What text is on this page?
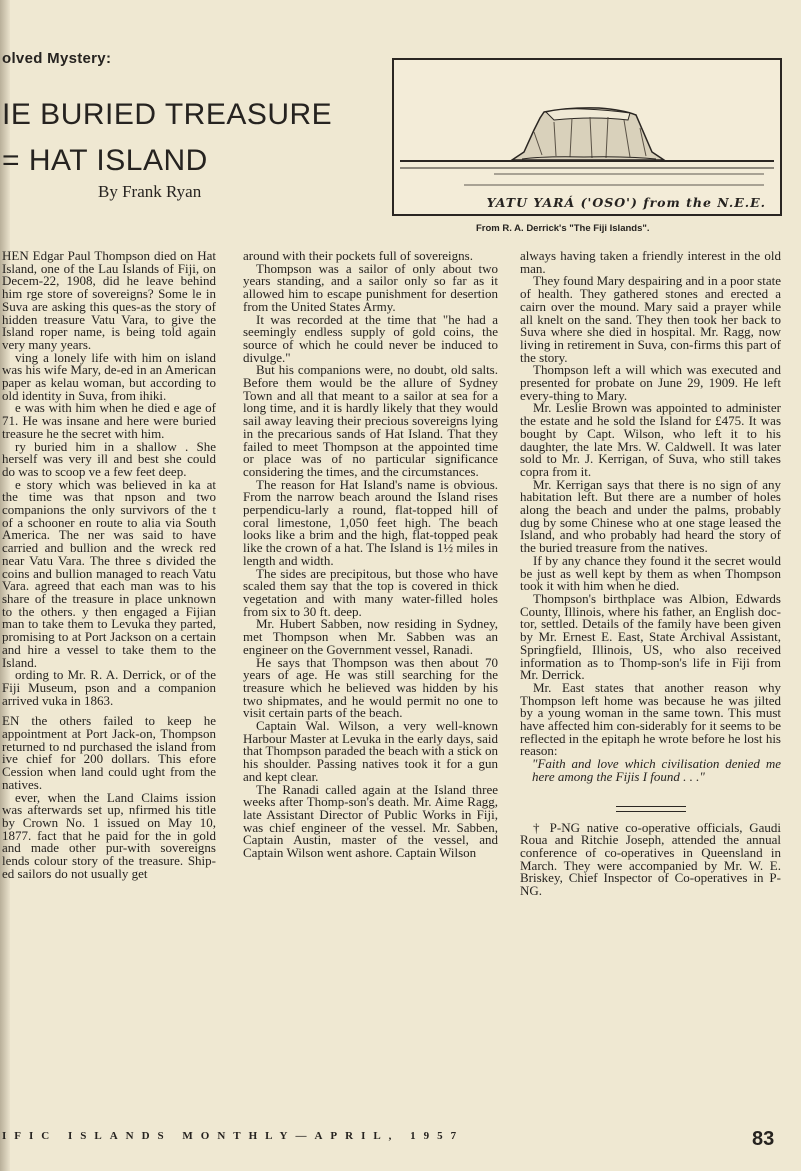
olved Mystery:
IE BURIED TREASURE
= HAT ISLAND
By Frank Ryan
YATU YARÁ ('OSO') from the N.E.E.
From R. A. Derrick's "The Fiji Islands".

HEN Edgar Paul Thompson died on Hat Island, one of the Lau Islands of Fiji, on Decem-22, 1908, did he leave behind him rge store of sovereigns? Some le in Suva are asking this ques-as the story of hidden treasure Vatu Vara, to give the Island roper name, is being told again very many years.

ving a lonely life with him on island was his wife Mary, de-ed in an American paper as kelau woman, but according to old identity in Suva, from ihiki.

e was with him when he died e age of 71. He was insane and here were buried treasure he the secret with him.

ry buried him in a shallow . She herself was very ill and best she could do was to scoop ve a few feet deep.

e story which was believed in ka at the time was that npson and two companions the only survivors of the t of a schooner en route to alia via South America. The ner was said to have carried and bullion and the wreck red near Vatu Vara. The three s divided the coins and bullion managed to reach Vatu Vara. agreed that each man was to his share of the treasure in place unknown to the others. y then engaged a Fijian man to take them to Levuka they parted, promising to at Port Jackson on a certain and hire a vessel to take them to the Island.

ording to Mr. R. A. Derrick, or of the Fiji Museum, pson and a companion arrived vuka in 1863.

EN the others failed to keep he appointment at Port Jack-on, Thompson returned to nd purchased the island from ive chief for 200 dollars. This efore Cession when land could ught from the natives.

ever, when the Land Claims ission was afterwards set up, nfirmed his title by Crown No. 1 issued on May 10, 1877. fact that he paid for the in gold and made other pur-with sovereigns lends colour story of the treasure. Ship-ed sailors do not usually get

around with their pockets full of sovereigns.

Thompson was a sailor of only about two years standing, and a sailor only so far as it allowed him to escape punishment for desertion from the United States Army.

It was recorded at the time that "he had a seemingly endless supply of gold coins, the source of which he could never be induced to divulge."

But his companions were, no doubt, old salts. Before them would be the allure of Sydney Town and all that meant to a sailor at sea for a long time, and it is hardly likely that they would sail away leaving their precious sovereigns lying in the precarious sands of Hat Island. That they failed to meet Thompson at the appointed time or place was of no particular significance considering the times, and the circumstances.

The reason for Hat Island's name is obvious. From the narrow beach around the Island rises perpendicu-larly a round, flat-topped hill of coral limestone, 1,050 feet high. The beach looks like a brim and the high, flat-topped peak like the crown of a hat. The Island is 1½ miles in length and width.

The sides are precipitous, but those who have scaled them say that the top is covered in thick vegetation and with many water-filled holes from six to 30 ft. deep.

Mr. Hubert Sabben, now residing in Sydney, met Thompson when Mr. Sabben was an engineer on the Government vessel, Ranadi.

He says that Thompson was then about 70 years of age. He was still searching for the treasure which he believed was hidden by his two shipmates, and he would permit no one to visit certain parts of the beach.

Captain Wal. Wilson, a very well-known Harbour Master at Levuka in the early days, said that Thompson paraded the beach with a stick on his shoulder. Passing natives took it for a gun and kept clear.

The Ranadi called again at the Island three weeks after Thomp-son's death. Mr. Aime Ragg, late Assistant Director of Public Works in Fiji, was chief engineer of the vessel. Mr. Sabben, Captain Austin, master of the vessel, and Captain Wilson went ashore. Captain Wilson

always having taken a friendly interest in the old man.

They found Mary despairing and in a poor state of health. They gathered stones and erected a cairn over the mound. Mary said a prayer while all knelt on the sand. They then took her back to Suva where she died in hospital. Mr. Ragg, now living in retirement in Suva, con-firms this part of the story.

Thompson left a will which was executed and presented for probate on June 29, 1909. He left every-thing to Mary.

Mr. Leslie Brown was appointed to administer the estate and he sold the Island for £475. It was bought by Capt. Wilson, who left it to his daughter, the late Mrs. W. Caldwell. It was later sold to Mr. J. Kerrigan, of Suva, who still takes copra from it.

Mr. Kerrigan says that there is no sign of any habitation left. But there are a number of holes along the beach and under the palms, probably dug by some Chinese who at one stage leased the Island, and who probably had heard the story of the buried treasure from the natives.

If by any chance they found it the secret would be just as well kept by them as when Thompson took it with him when he died.

Thompson's birthplace was Albion, Edwards County, Illinois, where his father, an English doc-tor, settled. Details of the family have been given by Mr. Ernest E. East, State Archival Assistant, Springfield, Illinois, US, who also received information as to Thomp-son's life in Fiji from Mr. Derrick.

Mr. East states that another reason why Thompson left home was because he was jilted by a young woman in the same town. This must have affected him con-siderably for it seems to be reflected in the epitaph he wrote before he lost his reason:

"Faith and love which civilisation denied me here among the Fijis I found . . ."

† P-NG native co-operative officials, Gaudi Roua and Ritchie Joseph, attended the annual conference of co-operatives in Queensland in March. They were accompanied by Mr. W. E. Briskey, Chief Inspector of Co-operatives in P-NG.

IFIC ISLANDS MONTHLY—APRIL, 1957	83
